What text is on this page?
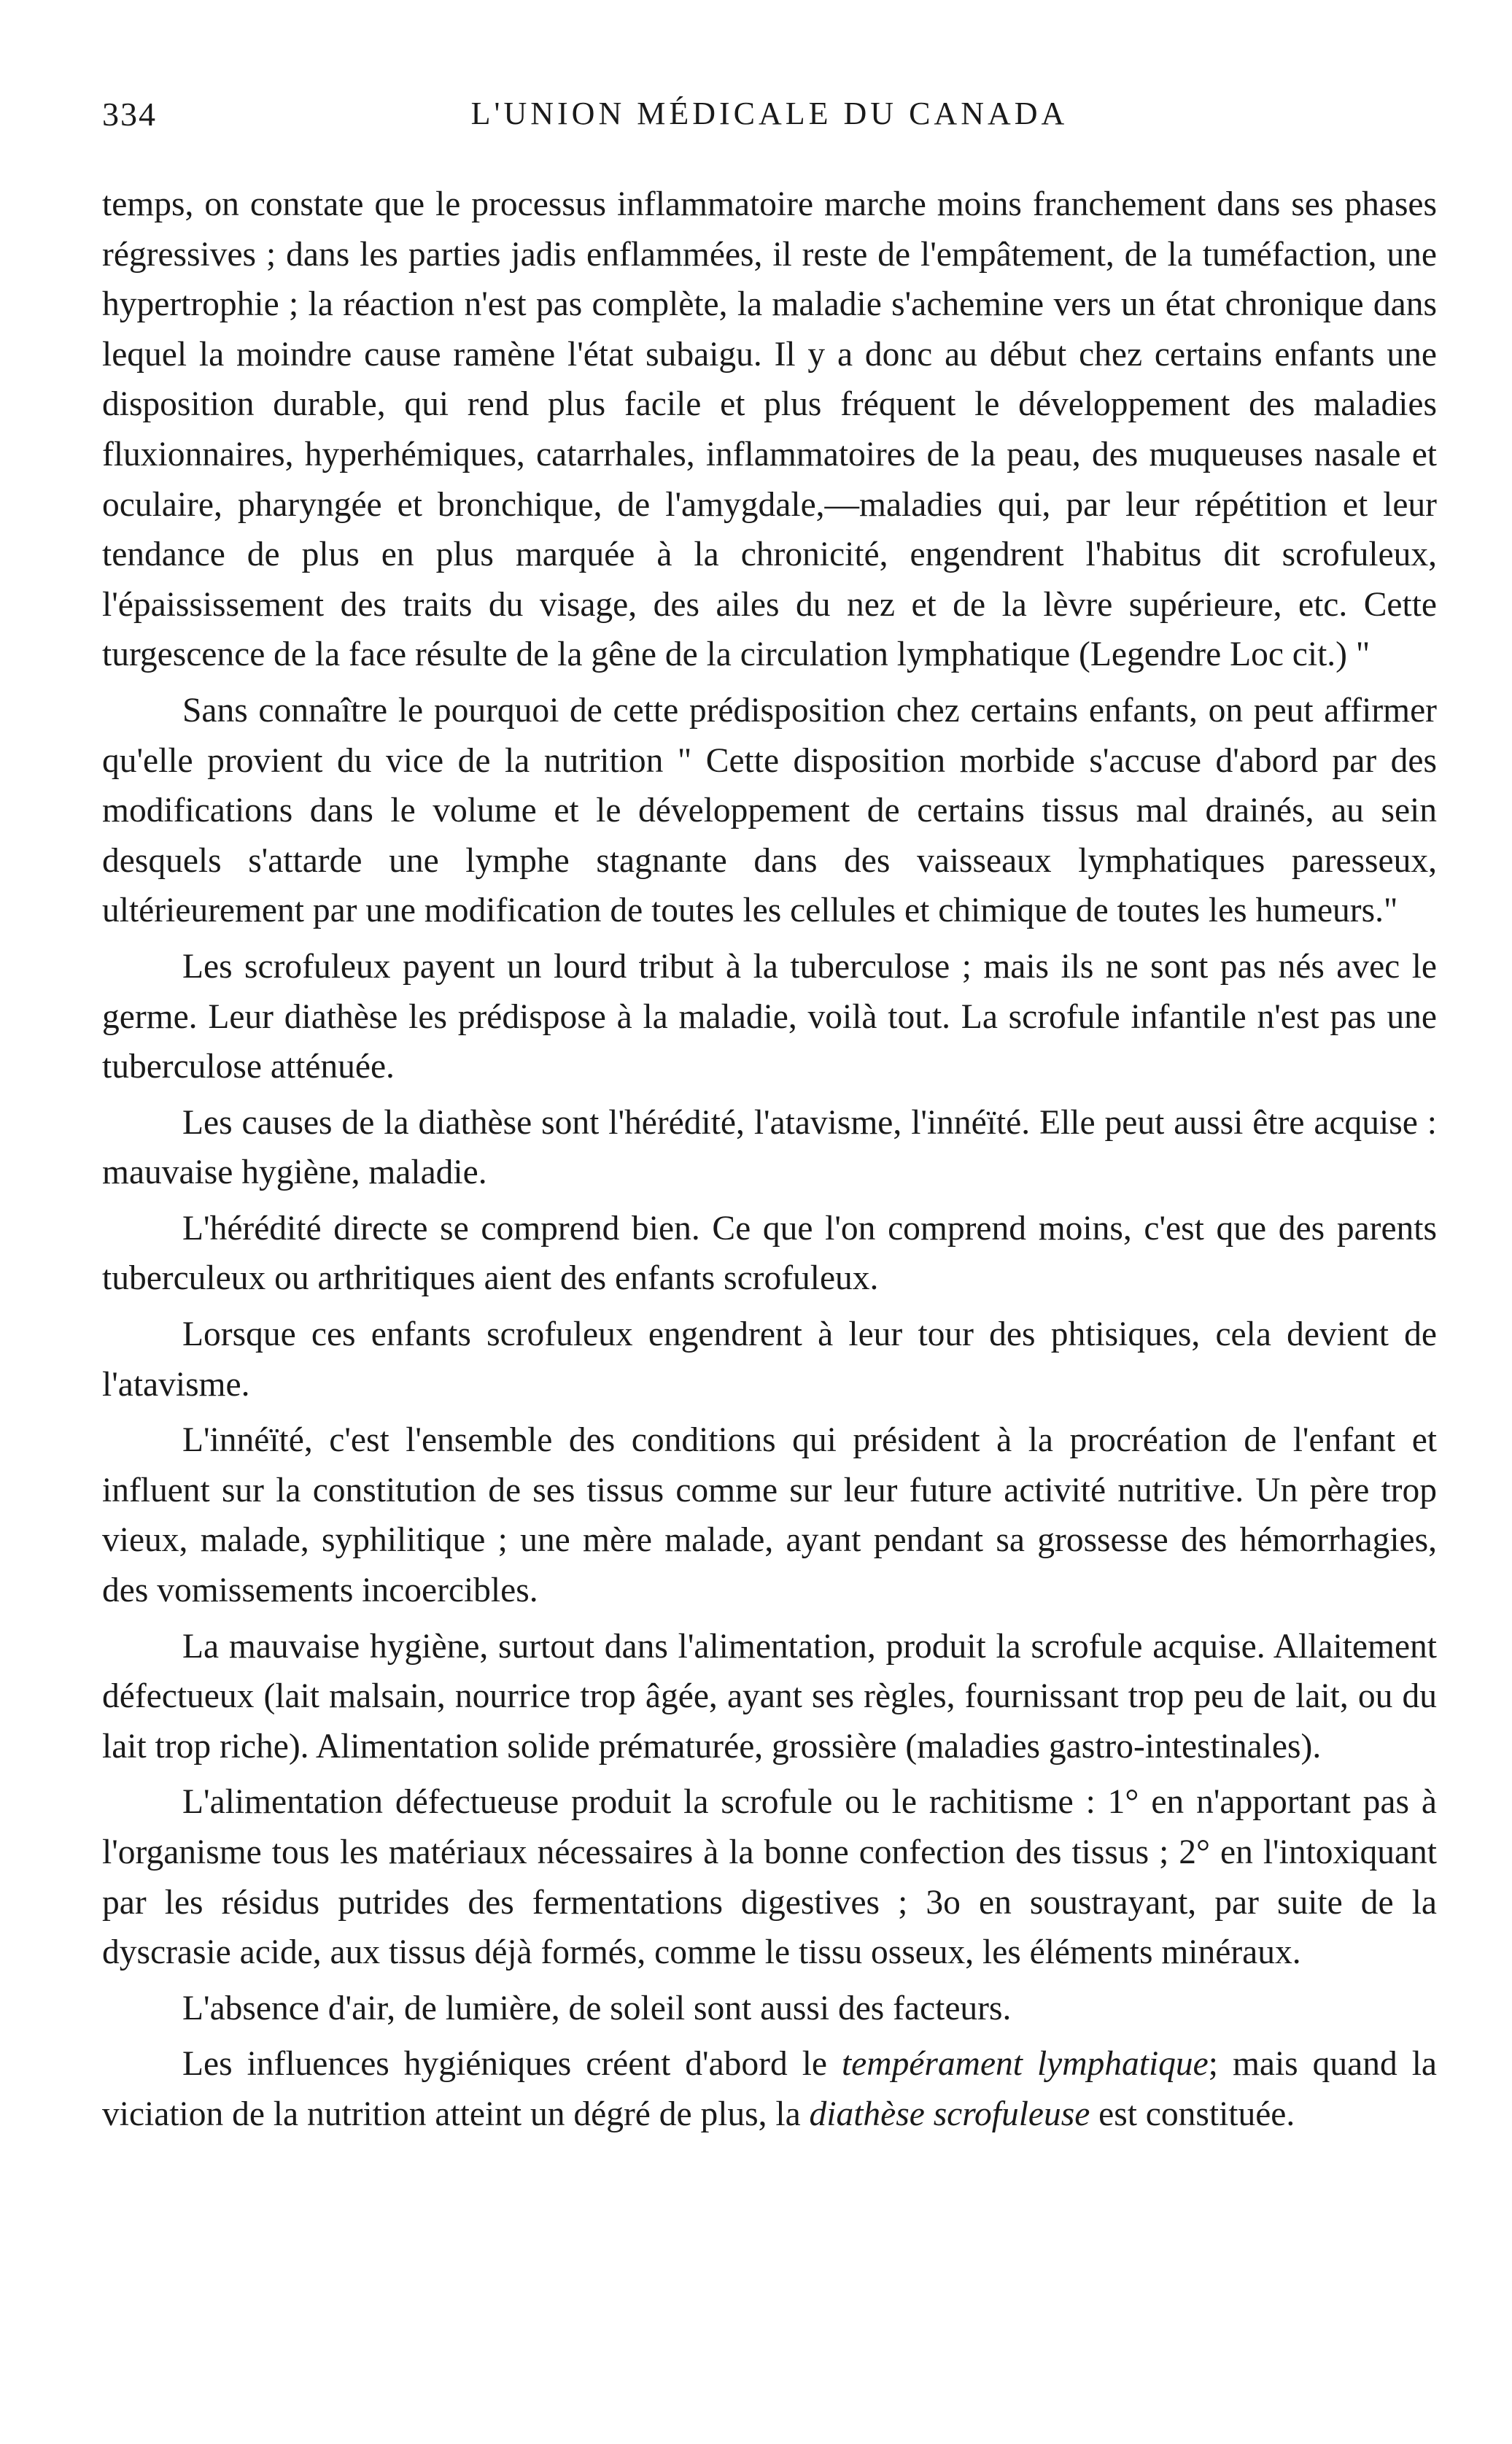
334	L'UNION MÉDICALE DU CANADA

temps, on constate que le processus inflammatoire marche moins franchement dans ses phases régressives ; dans les parties jadis enflammées, il reste de l'empâtement, de la tuméfaction, une hypertrophie ; la réaction n'est pas complète, la maladie s'achemine vers un état chronique dans lequel la moindre cause ramène l'état subaigu. Il y a donc au début chez certains enfants une disposition durable, qui rend plus facile et plus fréquent le développement des maladies fluxionnaires, hyperhémiques, catarrhales, inflammatoires de la peau, des muqueuses nasale et oculaire, pharyngée et bronchique, de l'amygdale,—maladies qui, par leur répétition et leur tendance de plus en plus marquée à la chronicité, engendrent l'habitus dit scrofuleux, l'épaississement des traits du visage, des ailes du nez et de la lèvre supérieure, etc. Cette turgescence de la face résulte de la gêne de la circulation lymphatique (Legendre Loc cit.) "

Sans connaître le pourquoi de cette prédisposition chez certains enfants, on peut affirmer qu'elle provient du vice de la nutrition " Cette disposition morbide s'accuse d'abord par des modifications dans le volume et le développement de certains tissus mal drainés, au sein desquels s'attarde une lymphe stagnante dans des vaisseaux lymphatiques paresseux, ultérieurement par une modification de toutes les cellules et chimique de toutes les humeurs."

Les scrofuleux payent un lourd tribut à la tuberculose ; mais ils ne sont pas nés avec le germe. Leur diathèse les prédispose à la maladie, voilà tout. La scrofule infantile n'est pas une tuberculose atténuée.

Les causes de la diathèse sont l'hérédité, l'atavisme, l'innéïté. Elle peut aussi être acquise : mauvaise hygiène, maladie.

L'hérédité directe se comprend bien. Ce que l'on comprend moins, c'est que des parents tuberculeux ou arthritiques aient des enfants scrofuleux.

Lorsque ces enfants scrofuleux engendrent à leur tour des phtisiques, cela devient de l'atavisme.

L'innéïté, c'est l'ensemble des conditions qui président à la procréation de l'enfant et influent sur la constitution de ses tissus comme sur leur future activité nutritive. Un père trop vieux, malade, syphilitique ; une mère malade, ayant pendant sa grossesse des hémorrhagies, des vomissements incoercibles.

La mauvaise hygiène, surtout dans l'alimentation, produit la scrofule acquise. Allaitement défectueux (lait malsain, nourrice trop âgée, ayant ses règles, fournissant trop peu de lait, ou du lait trop riche). Alimentation solide prématurée, grossière (maladies gastro-intestinales).

L'alimentation défectueuse produit la scrofule ou le rachitisme : 1° en n'apportant pas à l'organisme tous les matériaux nécessaires à la bonne confection des tissus ; 2° en l'intoxiquant par les résidus putrides des fermentations digestives ; 3o en soustrayant, par suite de la dyscrasie acide, aux tissus déjà formés, comme le tissu osseux, les éléments minéraux.

L'absence d'air, de lumière, de soleil sont aussi des facteurs.

Les influences hygiéniques créent d'abord le tempérament lymphatique; mais quand la viciation de la nutrition atteint un dégré de plus, la diathèse scrofuleuse est constituée.
